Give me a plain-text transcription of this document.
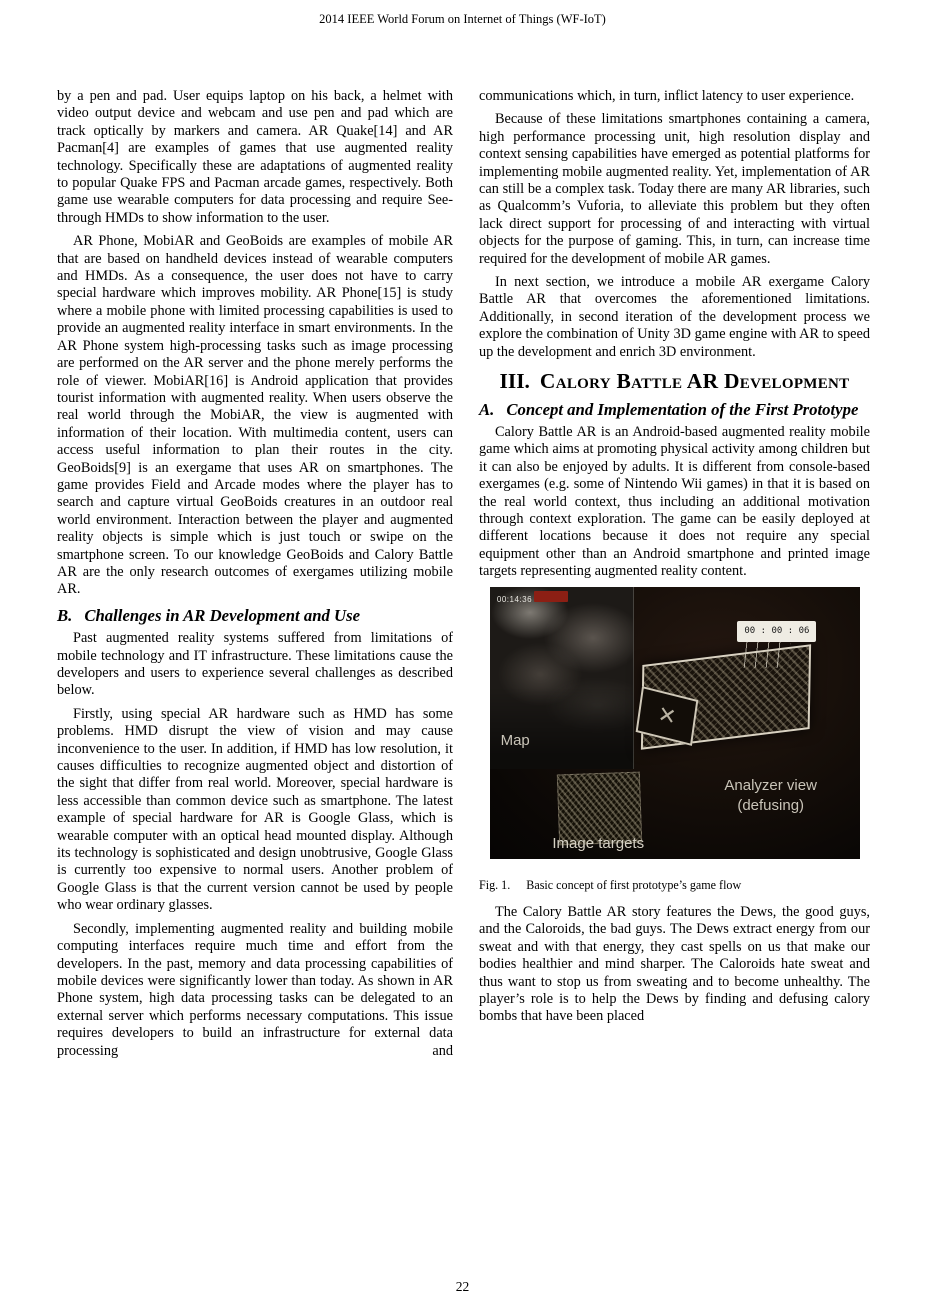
2014 IEEE World Forum on Internet of Things (WF-IoT)

by a pen and pad. User equips laptop on his back, a helmet with video output device and webcam and use pen and pad which are track optically by markers and camera. AR Quake[14] and AR Pacman[4] are examples of games that use augmented reality technology. Specifically these are adaptations of augmented reality to popular Quake FPS and Pacman arcade games, respectively. Both game use wearable computers for data processing and require See-through HMDs to show information to the user.

AR Phone, MobiAR and GeoBoids are examples of mobile AR that are based on handheld devices instead of wearable computers and HMDs. As a consequence, the user does not have to carry special hardware which improves mobility. AR Phone[15] is study where a mobile phone with limited processing capabilities is used to provide an augmented reality interface in smart environments. In the AR Phone system high-processing tasks such as image processing are performed on the AR server and the phone merely performs the role of viewer. MobiAR[16] is Android application that provides tourist information with augmented reality. When users observe the real world through the MobiAR, the view is augmented with information of their location. With multimedia content, users can access useful information to plan their routes in the city. GeoBoids[9] is an exergame that uses AR on smartphones. The game provides Field and Arcade modes where the player has to search and capture virtual GeoBoids creatures in an outdoor real world environment. Interaction between the player and augmented reality objects is simple which is just touch or swipe on the smartphone screen. To our knowledge GeoBoids and Calory Battle AR are the only research outcomes of exergames utilizing mobile AR.

B. Challenges in AR Development and Use

Past augmented reality systems suffered from limitations of mobile technology and IT infrastructure. These limitations cause the developers and users to experience several challenges as described below.

Firstly, using special AR hardware such as HMD has some problems. HMD disrupt the view of vision and may cause inconvenience to the user. In addition, if HMD has low resolution, it causes difficulties to recognize augmented object and distortion of the sight that differ from real world. Moreover, special hardware is less accessible than common device such as smartphone. The latest example of special hardware for AR is Google Glass, which is wearable computer with an optical head mounted display. Although its technology is sophisticated and design unobtrusive, Google Glass is currently too expensive to normal users. Another problem of Google Glass is that the current version cannot be used by people who wear ordinary glasses.

Secondly, implementing augmented reality and building mobile computing interfaces require much time and effort from the developers. In the past, memory and data processing capabilities of mobile devices were significantly lower than today. As shown in AR Phone system, high data processing tasks can be delegated to an external server which performs necessary computations. This issue requires developers to build an infrastructure for external data processing and

communications which, in turn, inflict latency to user experience.

Because of these limitations smartphones containing a camera, high performance processing unit, high resolution display and context sensing capabilities have emerged as potential platforms for implementing mobile augmented reality. Yet, implementation of AR can still be a complex task. Today there are many AR libraries, such as Qualcomm’s Vuforia, to alleviate this problem but they often lack direct support for processing of and interacting with virtual objects for the purpose of gaming. This, in turn, can increase time required for the development of mobile AR games.

In next section, we introduce a mobile AR exergame Calory Battle AR that overcomes the aforementioned limitations. Additionally, in second iteration of the development process we explore the combination of Unity 3D game engine with AR to speed up the development and enrich 3D environment.

III. Calory Battle AR Development
A. Concept and Implementation of the First Prototype

Calory Battle AR is an Android-based augmented reality mobile game which aims at promoting physical activity among children but it can also be enjoyed by adults. It is different from console-based exergames (e.g. some of Nintendo Wii games) in that it is based on the real world context, thus including an additional motivation through context exploration. The game can be easily deployed at different locations because it does not require any special equipment other than an Android smartphone and printed image targets representing augmented reality content.

00:14:36
Map
00 : 00 : 06
✕
Analyzer view
(defusing)
Image targets

Fig. 1. Basic concept of first prototype’s game flow

The Calory Battle AR story features the Dews, the good guys, and the Caloroids, the bad guys. The Dews extract energy from our sweat and with that energy, they cast spells on us that make our bodies healthier and mind sharper. The Caloroids hate sweat and thus want to stop us from sweating and to become unhealthy. The player’s role is to help the Dews by finding and defusing calory bombs that have been placed

22
